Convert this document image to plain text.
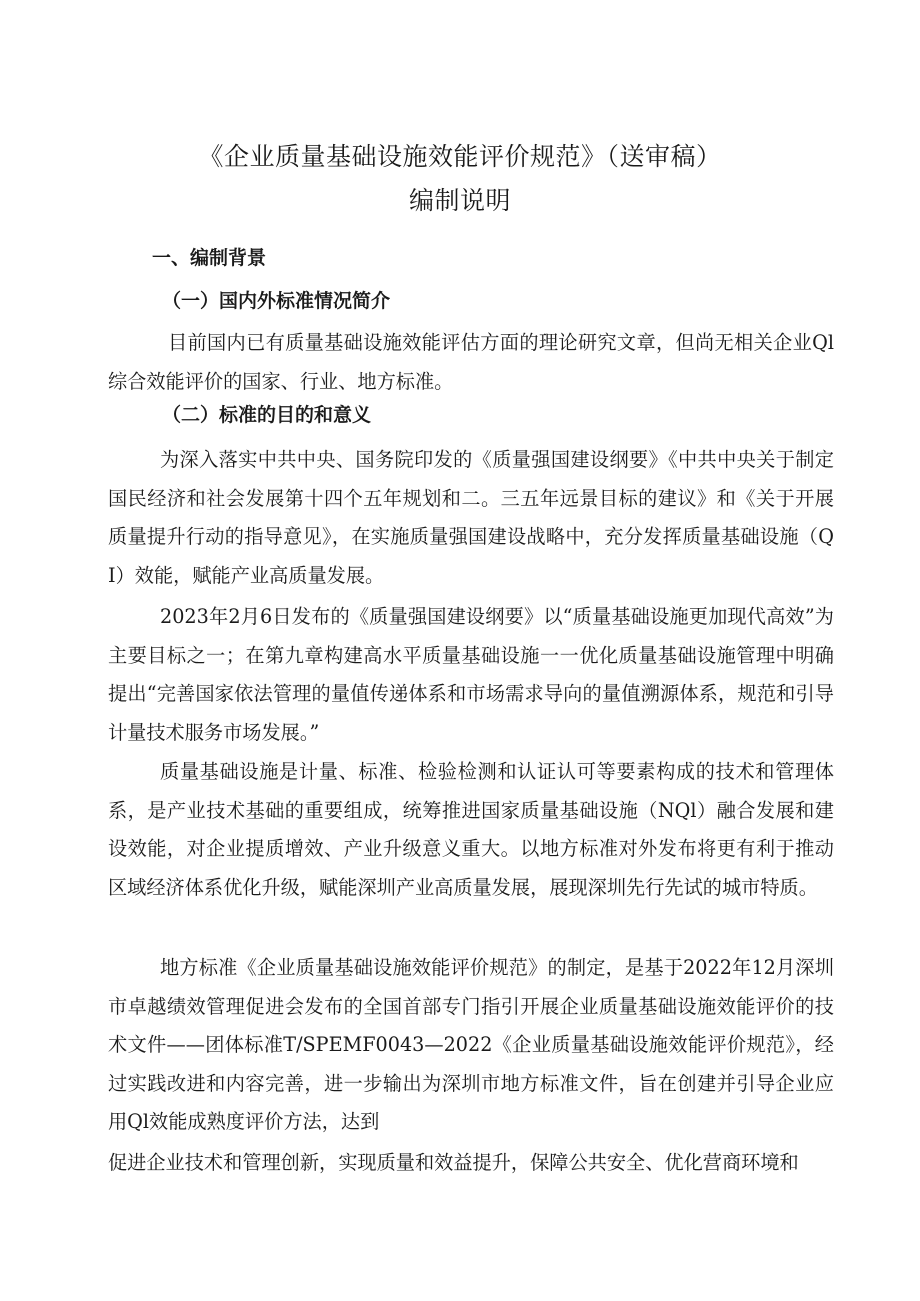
《企业质量基础设施效能评价规范》（送审稿）
编制说明
一、编制背景
（一）国内外标准情况简介

目前国内已有质量基础设施效能评估方面的理论研究文章，但尚无相关企业Ql综合效能评价的国家、行业、地方标准。

（二）标准的目的和意义

为深入落实中共中央、国务院印发的《质量强国建设纲要》《中共中央关于制定国民经济和社会发展第十四个五年规划和二。三五年远景目标的建议》和《关于开展质量提升行动的指导意见》，在实施质量强国建设战略中，充分发挥质量基础设施（QI）效能，赋能产业高质量发展。

2023年2月6日发布的《质量强国建设纲要》以“质量基础设施更加现代高效”为主要目标之一；在第九章构建高水平质量基础设施一一优化质量基础设施管理中明确提出“完善国家依法管理的量值传递体系和市场需求导向的量值溯源体系，规范和引导计量技术服务市场发展。”

质量基础设施是计量、标准、检验检测和认证认可等要素构成的技术和管理体系，是产业技术基础的重要组成，统筹推进国家质量基础设施（NQl）融合发展和建设效能，对企业提质增效、产业升级意义重大。以地方标准对外发布将更有利于推动区域经济体系优化升级，赋能深圳产业高质量发展，展现深圳先行先试的城市特质。

地方标准《企业质量基础设施效能评价规范》的制定，是基于2022年12月深圳市卓越绩效管理促进会发布的全国首部专门指引开展企业质量基础设施效能评价的技术文件——团体标准T/SPEMF0043—2022《企业质量基础设施效能评价规范》，经过实践改进和内容完善，进一步输出为深圳市地方标准文件，旨在创建并引导企业应用Ql效能成熟度评价方法，达到

促进企业技术和管理创新，实现质量和效益提升，保障公共安全、优化营商环境和
